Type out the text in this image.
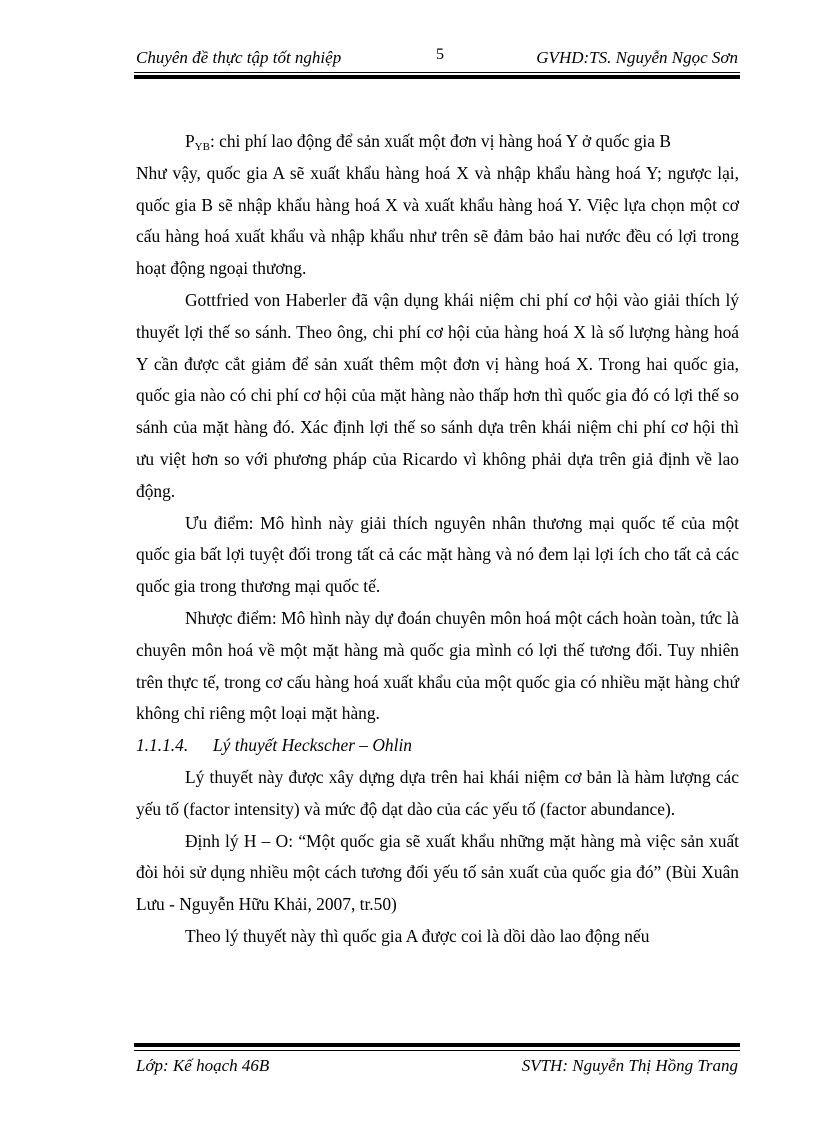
Chuyên đề thực tập tốt nghiệp	5	GVHD:TS. Nguyễn Ngọc Sơn

$P_{YB}$: chi phí lao động để sản xuất một đơn vị hàng hoá Y ở quốc gia B

Như vậy, quốc gia A sẽ xuất khẩu hàng hoá X và nhập khẩu hàng hoá Y; ngược lại, quốc gia B sẽ nhập khẩu hàng hoá X và xuất khẩu hàng hoá Y. Việc lựa chọn một cơ cấu hàng hoá xuất khẩu và nhập khẩu như trên sẽ đảm bảo hai nước đều có lợi trong hoạt động ngoại thương.

Gottfried von Haberler đã vận dụng khái niệm chi phí cơ hội vào giải thích lý thuyết lợi thế so sánh. Theo ông, chi phí cơ hội của hàng hoá X là số lượng hàng hoá Y cần được cắt giảm để sản xuất thêm một đơn vị hàng hoá X. Trong hai quốc gia, quốc gia nào có chi phí cơ hội của mặt hàng nào thấp hơn thì quốc gia đó có lợi thế so sánh của mặt hàng đó. Xác định lợi thế so sánh dựa trên khái niệm chi phí cơ hội thì ưu việt hơn so với phương pháp của Ricardo vì không phải dựa trên giả định về lao động.

Ưu điểm: Mô hình này giải thích nguyên nhân thương mại quốc tế của một quốc gia bất lợi tuyệt đối trong tất cả các mặt hàng và nó đem lại lợi ích cho tất cả các quốc gia trong thương mại quốc tế.

Nhược điểm: Mô hình này dự đoán chuyên môn hoá một cách hoàn toàn, tức là chuyên môn hoá về một mặt hàng mà quốc gia mình có lợi thế tương đối. Tuy nhiên trên thực tế, trong cơ cấu hàng hoá xuất khẩu của một quốc gia có nhiều mặt hàng chứ không chỉ riêng một loại mặt hàng.

1.1.1.4. Lý thuyết Heckscher – Ohlin

Lý thuyết này được xây dựng dựa trên hai khái niệm cơ bản là hàm lượng các yếu tố (factor intensity) và mức độ dạt dào của các yếu tố (factor abundance).

Định lý H – O: “Một quốc gia sẽ xuất khẩu những mặt hàng mà việc sản xuất đòi hỏi sử dụng nhiều một cách tương đối yếu tố sản xuất của quốc gia đó” (Bùi Xuân Lưu - Nguyễn Hữu Khải, 2007, tr.50)

Theo lý thuyết này thì quốc gia A được coi là dồi dào lao động nếu

Lớp: Kế hoạch 46B	SVTH: Nguyễn Thị Hồng Trang
